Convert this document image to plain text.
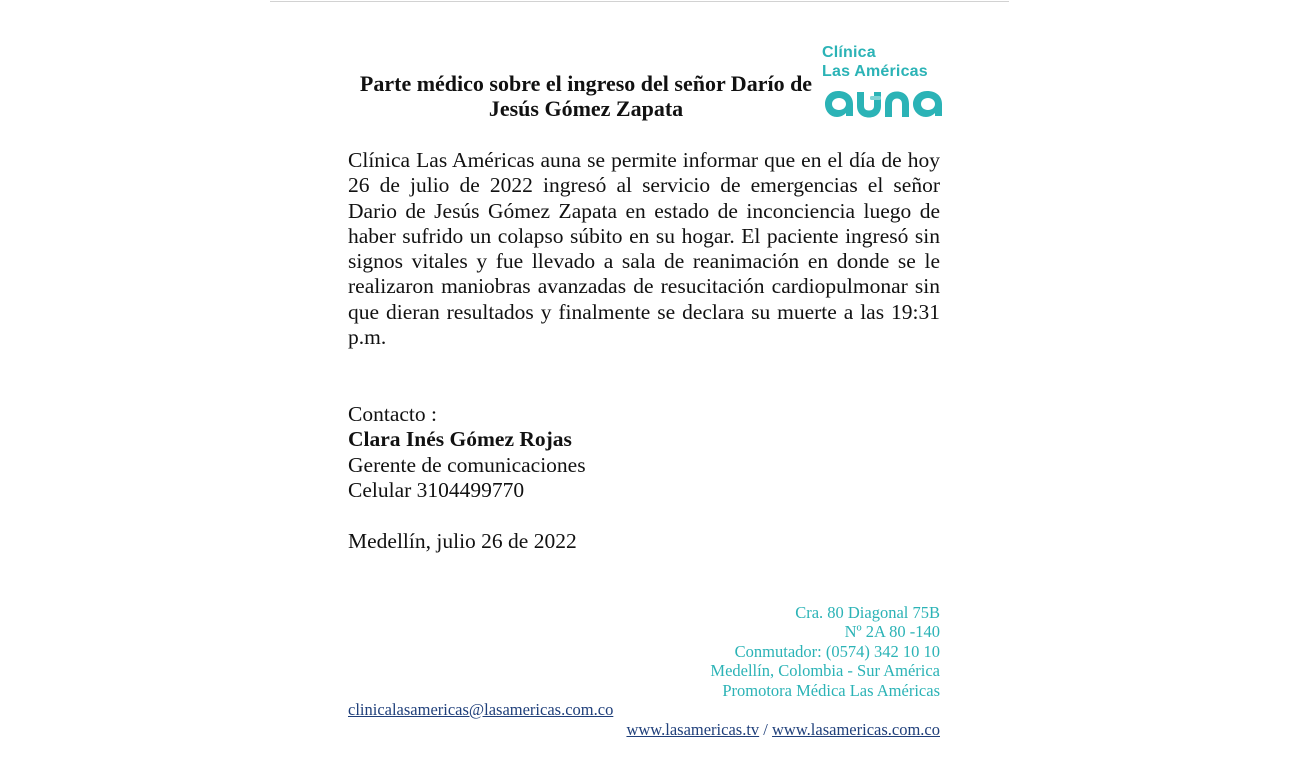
Clínica
Las Américas
Parte médico sobre el ingreso del señor Darío de Jesús Gómez Zapata

Clínica Las Américas auna se permite informar que en el día de hoy 26 de julio de 2022 ingresó al servicio de emergencias el señor Dario de Jesús Gómez Zapata en estado de inconciencia luego de haber sufrido un colapso súbito en su hogar. El paciente ingresó sin signos vitales y fue llevado a sala de reanimación en donde se le realizaron maniobras avanzadas de resucitación cardiopulmonar sin que dieran resultados y finalmente se declara su muerte a las 19:31 p.m.

Contacto :
Clara Inés Gómez Rojas
Gerente de comunicaciones
Celular 3104499770
Medellín, julio 26 de 2022
Cra. 80 Diagonal 75B
Nº 2A 80 -140
Conmutador: (0574) 342 10 10
Medellín, Colombia - Sur América
Promotora Médica Las Américas
clinicalasamericas@lasamericas.com.co
www.lasamericas.tv / www.lasamericas.com.co
